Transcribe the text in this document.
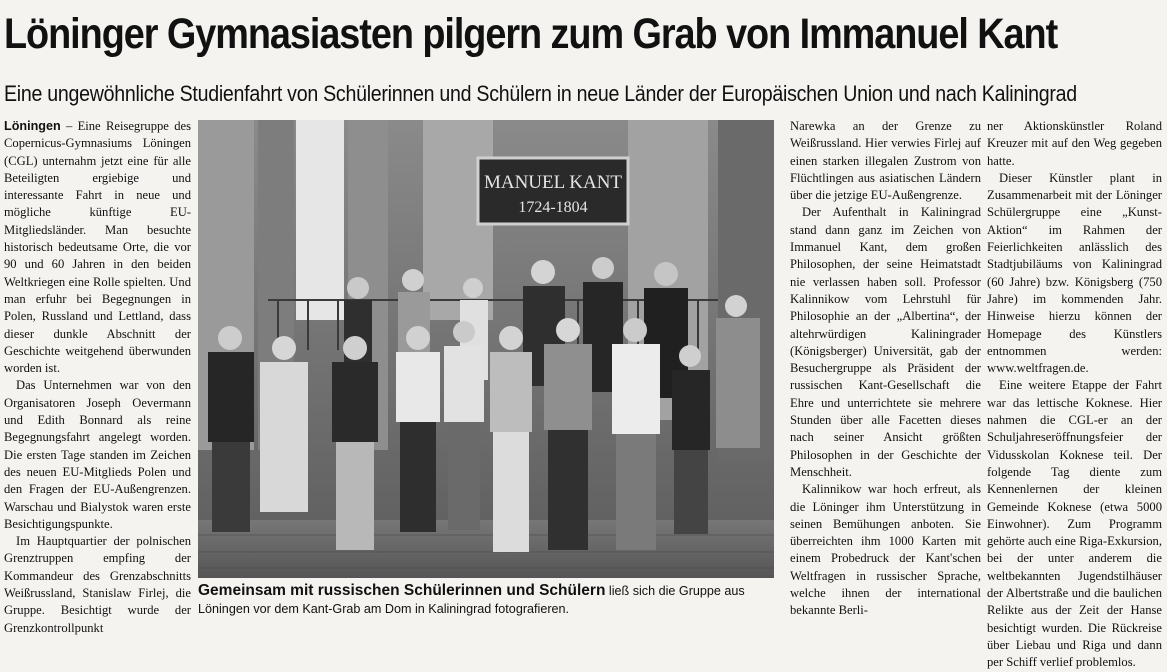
Löninger Gymnasiasten pilgern zum Grab von Immanuel Kant
Eine ungewöhnliche Studienfahrt von Schülerinnen und Schülern in neue Länder der Europäischen Union und nach Kaliningrad

Löningen – Eine Reisegruppe des Copernicus-Gymnasiums Löningen (CGL) unternahm jetzt eine für alle Beteiligten ergiebige und interessante Fahrt in neue und mögliche künftige EU-Mitgliedsländer. Man besuchte historisch bedeutsame Orte, die vor 90 und 60 Jahren in den beiden Weltkriegen eine Rolle spielten. Und man erfuhr bei Begegnungen in Polen, Russland und Lettland, dass dieser dunkle Abschnitt der Geschichte weitgehend überwunden worden ist.

Das Unternehmen war von den Organisatoren Joseph Oevermann und Edith Bonnard als reine Begegnungsfahrt angelegt worden. Die ersten Tage standen im Zeichen des neuen EU-Mitglieds Polen und den Fragen der EU-Außengrenzen. Warschau und Bialystok waren erste Besichtigungspunkte.

Im Hauptquartier der polnischen Grenztruppen empfing der Kommandeur des Grenzabschnitts Weißrussland, Stanislaw Firlej, die Gruppe. Besichtigt wurde der Grenzkontrollpunkt

MANUEL KANT
1724-1804
Gemeinsam mit russischen Schülerinnen und Schülern ließ sich die Gruppe aus Löningen vor dem Kant-Grab am Dom in Kaliningrad fotografieren.

Narewka an der Grenze zu Weißrussland. Hier verwies Firlej auf einen starken illegalen Zustrom von Flüchtlingen aus asiatischen Ländern über die jetzige EU-Außengrenze.

Der Aufenthalt in Kaliningrad stand dann ganz im Zeichen von Immanuel Kant, dem großen Philosophen, der seine Heimatstadt nie verlassen haben soll. Professor Kalinnikow vom Lehrstuhl für Philosophie an der „Albertina“, der altehrwürdigen Kaliningrader (Königsberger) Universität, gab der Besuchergruppe als Präsident der russischen Kant-Gesellschaft die Ehre und unterrichtete sie mehrere Stunden über alle Facetten dieses nach seiner Ansicht größten Philosophen in der Geschichte der Menschheit.

Kalinnikow war hoch erfreut, als die Löninger ihm Unterstützung in seinen Bemühungen anboten. Sie überreichten ihm 1000 Karten mit einem Probedruck der Kant'schen Weltfragen in russischer Sprache, welche ihnen der international bekannte Berli-

ner Aktionskünstler Roland Kreuzer mit auf den Weg gegeben hatte.

Dieser Künstler plant in Zusammenarbeit mit der Löninger Schülergruppe eine „Kunst-Aktion“ im Rahmen der Feierlichkeiten anlässlich des Stadtjubiläums von Kaliningrad (60 Jahre) bzw. Königsberg (750 Jahre) im kommenden Jahr. Hinweise hierzu können der Homepage des Künstlers entnommen werden: www.weltfragen.de.

Eine weitere Etappe der Fahrt war das lettische Koknese. Hier nahmen die CGL-er an der Schuljahreseröffnungsfeier der Vidusskolan Koknese teil. Der folgende Tag diente zum Kennenlernen der kleinen Gemeinde Koknese (etwa 5000 Einwohner). Zum Programm gehörte auch eine Riga-Exkursion, bei der unter anderem die weltbekannten Jugendstilhäuser der Albertstraße und die baulichen Relikte aus der Zeit der Hanse besichtigt wurden. Die Rückreise über Liebau und Riga und dann per Schiff verlief problemlos.
